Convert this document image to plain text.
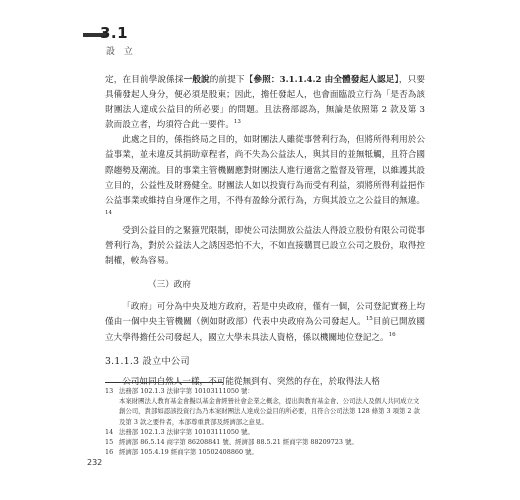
3.1
設 立

定，在目前學說係採一般說的前提下【參照：3.1.1.4.2 由全體發起人認足】，只要具備發起人身分，便必須是股東；因此，擔任發起人，也會面臨設立行為「是否為該財團法人達成公益目的所必要」的問題。且法務部認為，無論是依照第 2 款及第 3 款而設立者，均須符合此一要件。$^{13}$

此處之目的，係指終局之目的，如財團法人雖從事營利行為，但將所得利用於公益事業，並未違反其捐助章程者，尚不失為公益法人，與其目的並無牴觸，且符合國際趨勢及潮流。目的事業主管機關應對財團法人進行適當之監督及管理，以維護其設立目的，公益性及財務健全。財團法人如以投資行為而受有利益，須將所得利益挹作公益事業或維持自身運作之用，不得有盈餘分派行為，方與其設立之公益目的無違。$^{14}$

受到公益目的之緊箍咒限制，即使公司法開放公益法人得設立股份有限公司從事營利行為，對於公益法人之誘因恐怕不大，不如直接購買已設立公司之股份，取得控制權，較為容易。

（三）政府

「政府」可分為中央及地方政府，若是中央政府，僅有一個，公司登記實務上均僅由一個中央主管機關（例如財政部）代表中央政府為公司發起人。$^{15}$目前已開放國立大學得擔任公司發起人，國立大學未具法人資格，係以機關地位登記之。$^{16}$

3.1.1.3 設立中公司

公司如同自然人一樣，不可能從無到有、突然的存在，於取得法人格

13 法務部 102.1.3 法律字第 10103111050 號：
本案財團法人教育基金會擬以基金會經營社會企業之概念，提出與教育基金會、公司法人及個人共同成立文創公司，貴部如認該投資行為乃本案財團法人達成公益目的所必要，且符合公司法第 128 條第 3 項第 2 款及第 3 款之要件者，本部尊重貴部及經濟部之意見。
14 法務部 102.1.3 法律字第 10103111050 號。
15 經濟部 86.5.14 商字第 86208841 號、經濟部 88.5.21 經商字第 88209723 號。
16 經濟部 105.4.19 經商字第 10502408860 號。
232
